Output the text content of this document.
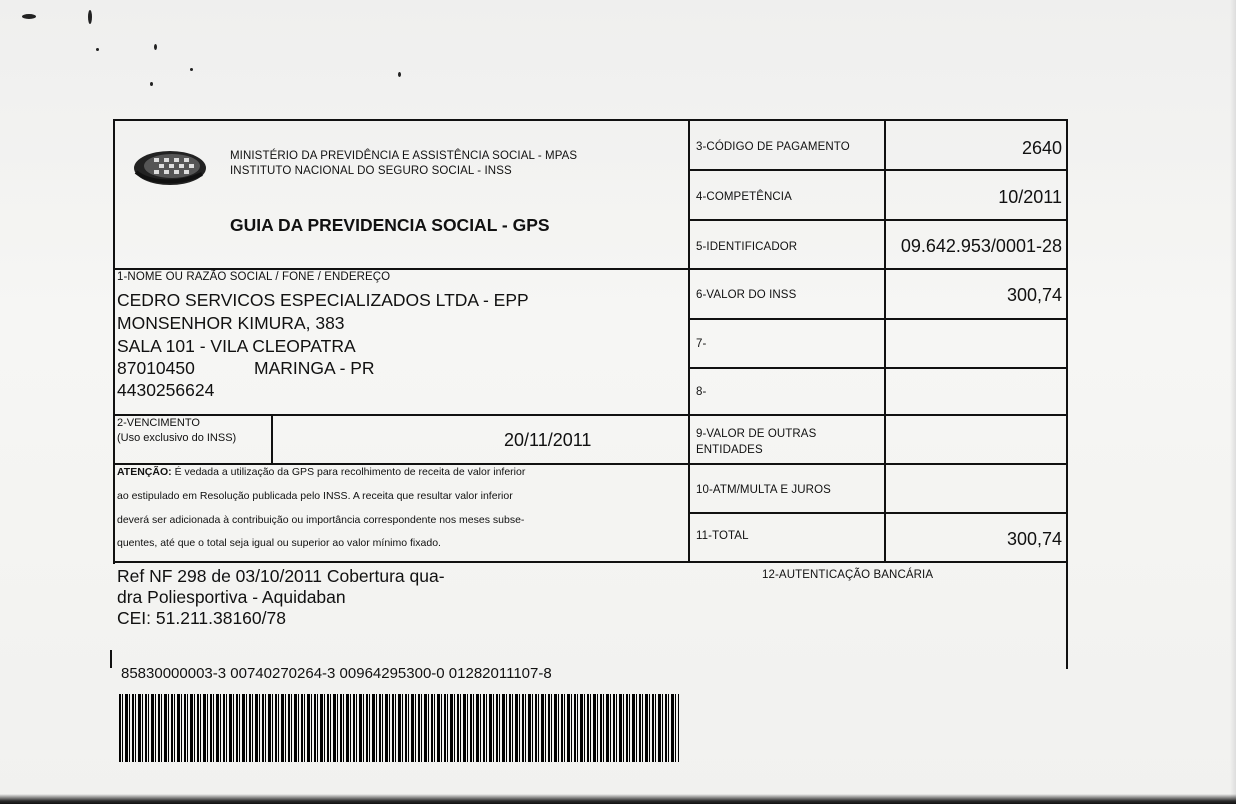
MINISTÉRIO DA PREVIDÊNCIA E ASSISTÊNCIA SOCIAL - MPAS
INSTITUTO NACIONAL DO SEGURO SOCIAL - INSS
GUIA DA PREVIDENCIA SOCIAL - GPS
3-CÓDIGO DE PAGAMENTO	2640
4-COMPETÊNCIA	10/2011
5-IDENTIFICADOR	09.642.953/0001-28
6-VALOR DO INSS	300,74
7-
8-
9-VALOR DE OUTRAS
ENTIDADES
10-ATM/MULTA E JUROS
11-TOTAL	300,74
12-AUTENTICAÇÃO BANCÁRIA
1-NOME OU RAZÃO SOCIAL / FONE / ENDEREÇO
CEDRO SERVICOS ESPECIALIZADOS LTDA - EPP
MONSENHOR KIMURA, 383
SALA 101 - VILA CLEOPATRA
87010450	MARINGA - PR
4430256624
2-VENCIMENTO
(Uso exclusivo do INSS)	20/11/2011
ATENÇÃO: É vedada a utilização da GPS para recolhimento de receita de valor inferior
ao estipulado em Resolução publicada pelo INSS. A receita que resultar valor inferior
deverá ser adicionada à contribuição ou importância correspondente nos meses subse-
quentes, até que o total seja igual ou superior ao valor mínimo fixado.
Ref NF 298 de 03/10/2011 Cobertura qua-
dra Poliesportiva - Aquidaban
CEI: 51.211.38160/78
85830000003-3 00740270264-3 00964295300-0 01282011107-8
